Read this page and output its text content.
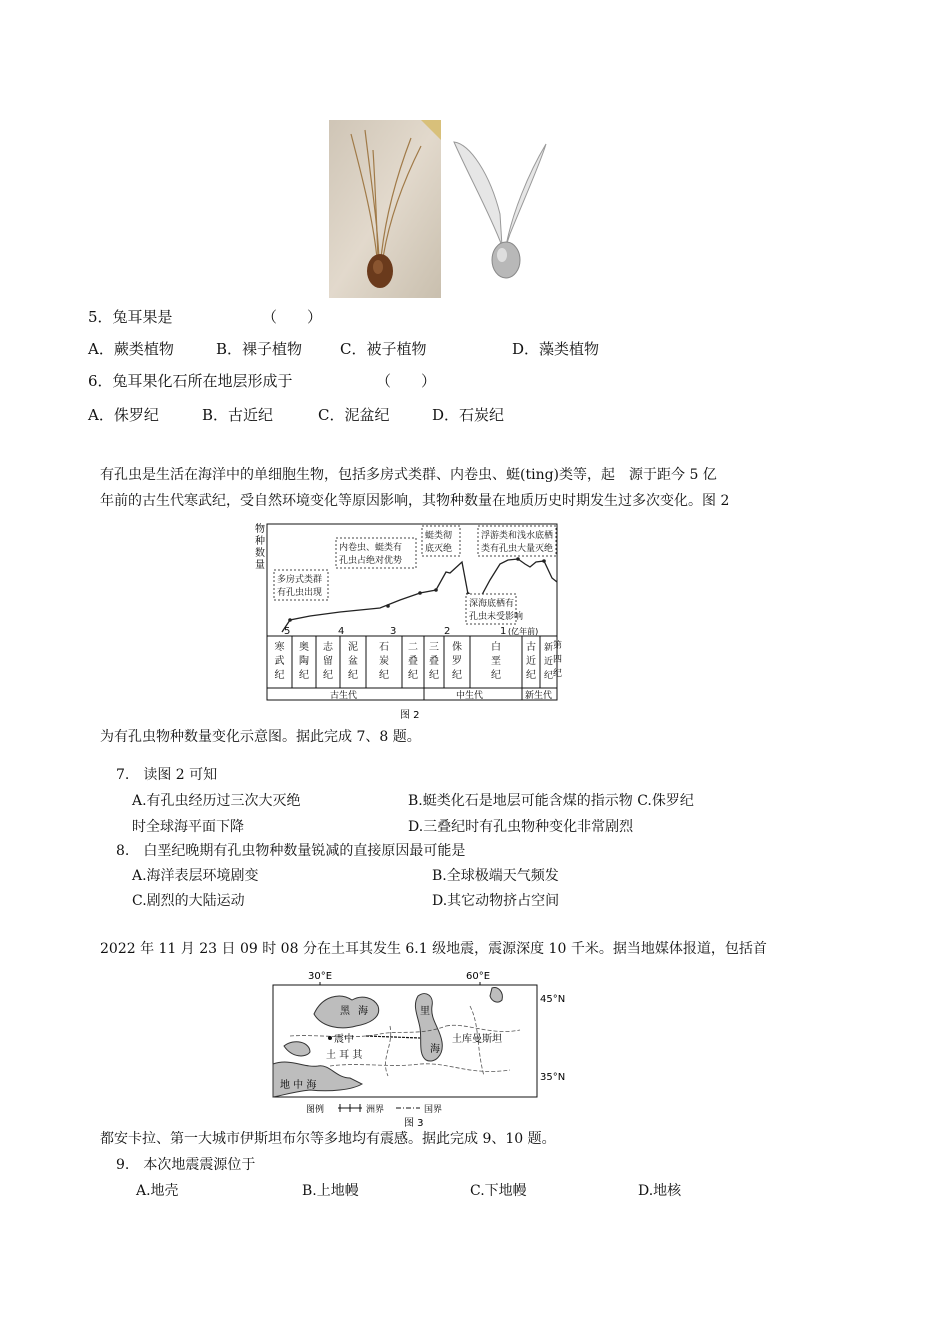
5．兔耳果是	（　　）
A．蕨类植物	B．裸子植物	C．被子植物	D．藻类植物
6．兔耳果化石所在地层形成于	（　　）
A．侏罗纪	B．古近纪	C．泥盆纪	D．石炭纪
有孔虫是生活在海洋中的单细胞生物，包括多房式类群、内卷虫、蜓(ting)类等，起　源于距今 5 亿
年前的古生代寒武纪，受自然环境变化等原因影响，其物种数量在地质历史时期发生过多次变化。图 2
物
种
数
量
多房式类群
有孔虫出现
内卷虫、蜓类有
孔虫占绝对优势
蜓类彻
底灭绝
浮游类和浅水底栖
类有孔虫大量灭绝
深海底栖有
孔虫未受影响
5	4	3	2	1 (亿年前)
寒
武
纪
奥
陶
纪
志
留
纪
泥
盆
纪
石
炭
纪
二
叠
纪
三
叠
纪
侏
罗
纪
白
垩
纪
古
近
纪
新
近
纪
第
四
纪
古生代	中生代	新生代
图 2
为有孔虫物种数量变化示意图。据此完成 7、8 题。
7.　读图 2 可知
A.有孔虫经历过三次大灭绝	B.蜓类化石是地层可能含煤的指示物 C.侏罗纪
时全球海平面下降	D.三叠纪时有孔虫物种变化非常剧烈
8.　白垩纪晚期有孔虫物种数量锐减的直接原因最可能是
A.海洋表层环境剧变	B.全球极端天气频发
C.剧烈的大陆运动	D.其它动物挤占空间
2022 年 11 月 23 日 09 时 08 分在土耳其发生 6.1 级地震，震源深度 10 千米。据当地媒体报道，包括首
30°E	60°E
黑 海	里
海
震中
土 耳 其
土库曼斯坦
地 中 海
45°N
35°N
图例	洲界	国界
图 3
都安卡拉、第一大城市伊斯坦布尔等多地均有震感。据此完成 9、10 题。
9.　本次地震震源位于
A.地壳	B.上地幔	C.下地幔	D.地核
